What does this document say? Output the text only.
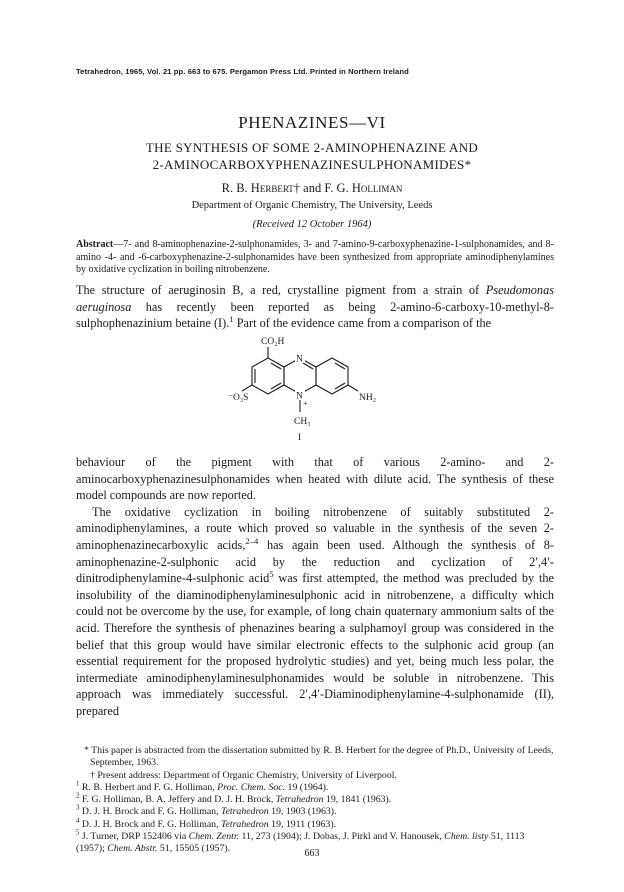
Tetrahedron, 1965, Vol. 21 pp. 663 to 675. Pergamon Press Ltd. Printed in Northern Ireland
PHENAZINES—VI
THE SYNTHESIS OF SOME 2-AMINOPHENAZINE AND
2-AMINOCARBOXYPHENAZINESULPHONAMIDES*
R. B. Herbert† and F. G. Holliman
Department of Organic Chemistry, The University, Leeds
(Received 12 October 1964)
Abstract—7- and 8-aminophenazine-2-sulphonamides, 3- and 7-amino-9-carboxyphenazine-1-sulphonamides, and 8-amino -4- and -6-carboxyphenazine-2-sulphonamides have been synthesized from appropriate aminodiphenylamines by oxidative cyclization in boiling nitrobenzene.

The structure of aeruginosin B, a red, crystalline pigment from a strain of Pseudomonas aeruginosa has recently been reported as being 2-amino-6-carboxy-10-methyl-8-sulphophenazinium betaine (I).$^1$ Part of the evidence came from a comparison of the

CO₂H
N
N
+
⁻O₃S	NH₂
CH₃
I

behaviour of the pigment with that of various 2-amino- and 2-aminocarboxyphenazinesulphonamides when heated with dilute acid. The synthesis of these model compounds are now reported.

The oxidative cyclization in boiling nitrobenzene of suitably substituted 2-aminodiphenylamines, a route which proved so valuable in the synthesis of the seven 2-aminophenazinecarboxylic acids,$^{2-4}$ has again been used. Although the synthesis of 8-aminophenazine-2-sulphonic acid by the reduction and cyclization of 2′,4′-dinitrodiphenylamine-4-sulphonic acid$^5$ was first attempted, the method was precluded by the insolubility of the diaminodiphenylaminesulphonic acid in nitrobenzene, a difficulty which could not be overcome by the use, for example, of long chain quaternary ammonium salts of the acid. Therefore the synthesis of phenazines bearing a sulphamoyl group was considered in the belief that this group would have similar electronic effects to the sulphonic acid group (an essential requirement for the proposed hydrolytic studies) and yet, being much less polar, the intermediate aminodiphenylaminesulphonamides would be soluble in nitrobenzene. This approach was immediately successful. 2′,4′-Diaminodiphenylamine-4-sulphonamide (II), prepared

* This paper is abstracted from the dissertation submitted by R. B. Herbert for the degree of Ph.D., University of Leeds, September, 1963.

† Present address: Department of Organic Chemistry, University of Liverpool.

$^1$ R. B. Herbert and F. G. Holliman, Proc. Chem. Soc. 19 (1964).

$^2$ F. G. Holliman, B. A. Jeffery and D. J. H. Brock, Tetrahedron 19, 1841 (1963).

$^3$ D. J. H. Brock and F. G. Holliman, Tetrahedron 19, 1903 (1963).

$^4$ D. J. H. Brock and F. G. Holliman, Tetrahedron 19, 1911 (1963).

$^5$ J. Turner, DRP 152406 via Chem. Zentr. 11, 273 (1904); J. Dobas, J. Pirkl and V. Hanousek, Chem. listy 51, 1113 (1957); Chem. Abstr. 51, 15505 (1957).	663
